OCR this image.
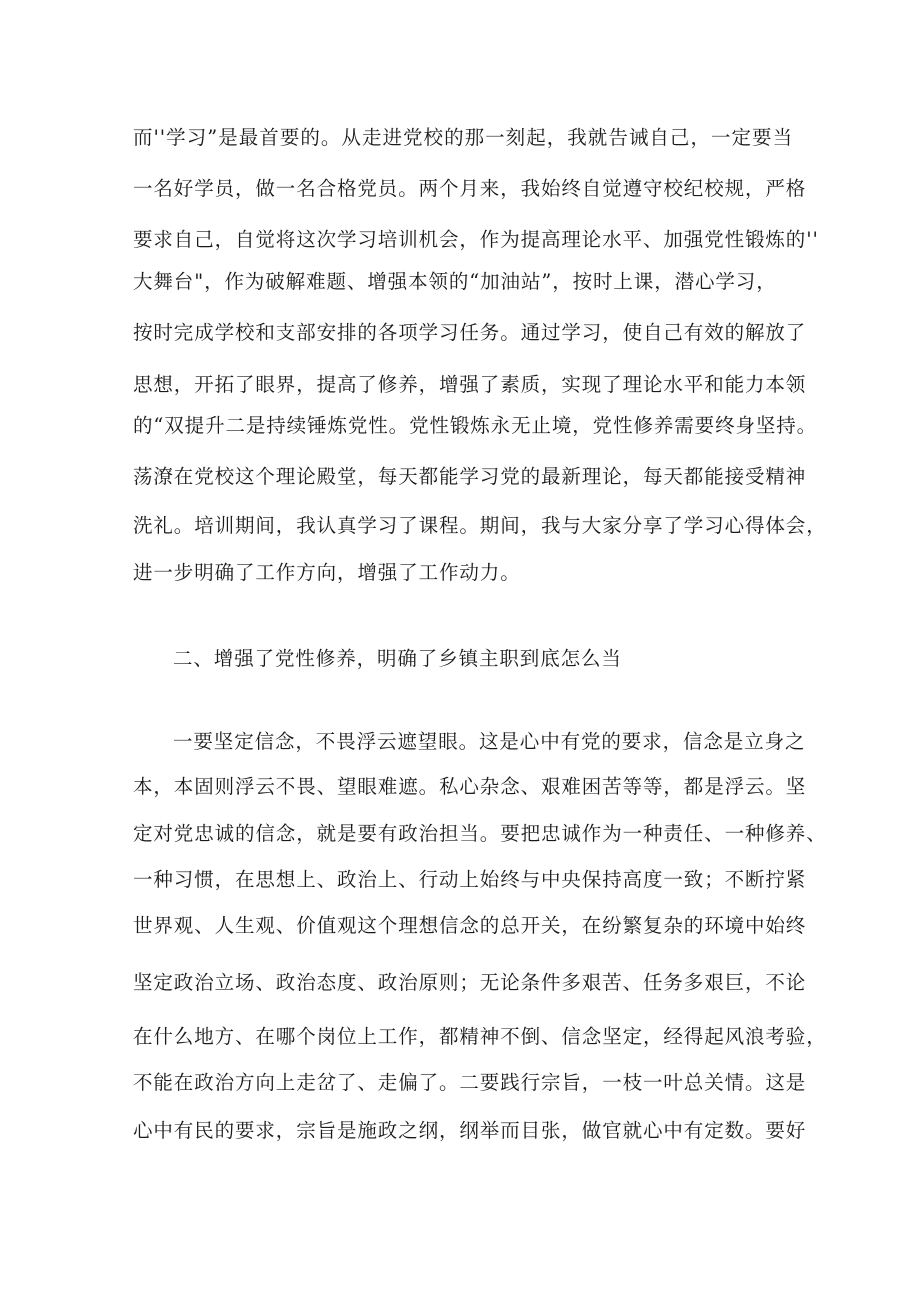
而''学习”是最首要的。从走进党校的那一刻起，我就告诫自己，一定要当
一名好学员，做一名合格党员。两个月来，我始终自觉遵守校纪校规，严格
要求自己，自觉将这次学习培训机会，作为提高理论水平、加强党性锻炼的''
大舞台"，作为破解难题、增强本领的“加油站”，按时上课，潜心学习，
按时完成学校和支部安排的各项学习任务。通过学习，使自己有效的解放了
思想，开拓了眼界，提高了修养，增强了素质，实现了理论水平和能力本领
的“双提升二是持续锤炼党性。党性锻炼永无止境，党性修养需要终身坚持。
荡潦在党校这个理论殿堂，每天都能学习党的最新理论，每天都能接受精神
洗礼。培训期间，我认真学习了课程。期间，我与大家分享了学习心得体会，
进一步明确了工作方向，增强了工作动力。
二、增强了党性修养，明确了乡镇主职到底怎么当
一要坚定信念，不畏浮云遮望眼。这是心中有党的要求，信念是立身之
本，本固则浮云不畏、望眼难遮。私心杂念、艰难困苦等等，都是浮云。坚
定对党忠诚的信念，就是要有政治担当。要把忠诚作为一种责任、一种修养、
一种习惯，在思想上、政治上、行动上始终与中央保持高度一致；不断拧紧
世界观、人生观、价值观这个理想信念的总开关，在纷繁复杂的环境中始终
坚定政治立场、政治态度、政治原则；无论条件多艰苦、任务多艰巨，不论
在什么地方、在哪个岗位上工作，都精神不倒、信念坚定，经得起风浪考验，
不能在政治方向上走岔了、走偏了。二要践行宗旨，一枝一叶总关情。这是
心中有民的要求，宗旨是施政之纲，纲举而目张，做官就心中有定数。要好
